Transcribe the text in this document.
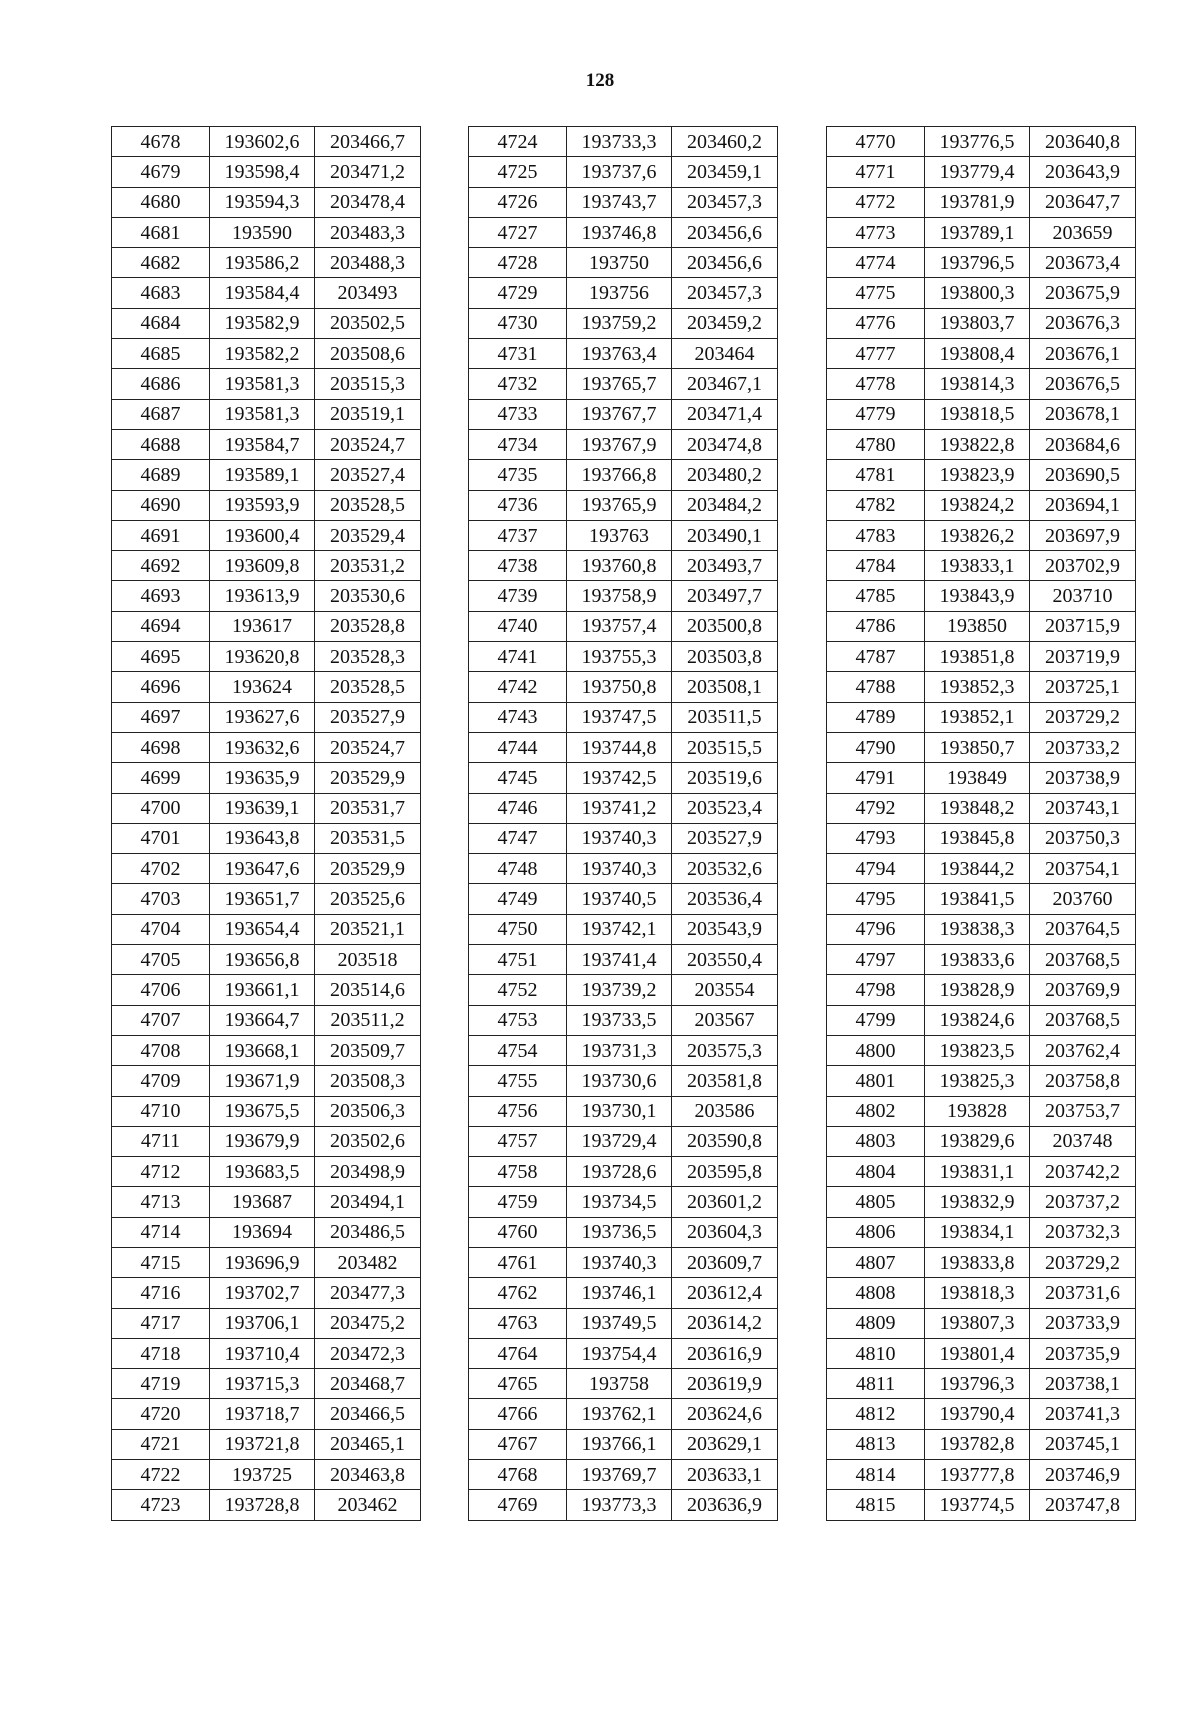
128
4678	193602,6	203466,7
4679	193598,4	203471,2
4680	193594,3	203478,4
4681	193590	203483,3
4682	193586,2	203488,3
4683	193584,4	203493
4684	193582,9	203502,5
4685	193582,2	203508,6
4686	193581,3	203515,3
4687	193581,3	203519,1
4688	193584,7	203524,7
4689	193589,1	203527,4
4690	193593,9	203528,5
4691	193600,4	203529,4
4692	193609,8	203531,2
4693	193613,9	203530,6
4694	193617	203528,8
4695	193620,8	203528,3
4696	193624	203528,5
4697	193627,6	203527,9
4698	193632,6	203524,7
4699	193635,9	203529,9
4700	193639,1	203531,7
4701	193643,8	203531,5
4702	193647,6	203529,9
4703	193651,7	203525,6
4704	193654,4	203521,1
4705	193656,8	203518
4706	193661,1	203514,6
4707	193664,7	203511,2
4708	193668,1	203509,7
4709	193671,9	203508,3
4710	193675,5	203506,3
4711	193679,9	203502,6
4712	193683,5	203498,9
4713	193687	203494,1
4714	193694	203486,5
4715	193696,9	203482
4716	193702,7	203477,3
4717	193706,1	203475,2
4718	193710,4	203472,3
4719	193715,3	203468,7
4720	193718,7	203466,5
4721	193721,8	203465,1
4722	193725	203463,8
4723	193728,8	203462
4724	193733,3	203460,2
4725	193737,6	203459,1
4726	193743,7	203457,3
4727	193746,8	203456,6
4728	193750	203456,6
4729	193756	203457,3
4730	193759,2	203459,2
4731	193763,4	203464
4732	193765,7	203467,1
4733	193767,7	203471,4
4734	193767,9	203474,8
4735	193766,8	203480,2
4736	193765,9	203484,2
4737	193763	203490,1
4738	193760,8	203493,7
4739	193758,9	203497,7
4740	193757,4	203500,8
4741	193755,3	203503,8
4742	193750,8	203508,1
4743	193747,5	203511,5
4744	193744,8	203515,5
4745	193742,5	203519,6
4746	193741,2	203523,4
4747	193740,3	203527,9
4748	193740,3	203532,6
4749	193740,5	203536,4
4750	193742,1	203543,9
4751	193741,4	203550,4
4752	193739,2	203554
4753	193733,5	203567
4754	193731,3	203575,3
4755	193730,6	203581,8
4756	193730,1	203586
4757	193729,4	203590,8
4758	193728,6	203595,8
4759	193734,5	203601,2
4760	193736,5	203604,3
4761	193740,3	203609,7
4762	193746,1	203612,4
4763	193749,5	203614,2
4764	193754,4	203616,9
4765	193758	203619,9
4766	193762,1	203624,6
4767	193766,1	203629,1
4768	193769,7	203633,1
4769	193773,3	203636,9
4770	193776,5	203640,8
4771	193779,4	203643,9
4772	193781,9	203647,7
4773	193789,1	203659
4774	193796,5	203673,4
4775	193800,3	203675,9
4776	193803,7	203676,3
4777	193808,4	203676,1
4778	193814,3	203676,5
4779	193818,5	203678,1
4780	193822,8	203684,6
4781	193823,9	203690,5
4782	193824,2	203694,1
4783	193826,2	203697,9
4784	193833,1	203702,9
4785	193843,9	203710
4786	193850	203715,9
4787	193851,8	203719,9
4788	193852,3	203725,1
4789	193852,1	203729,2
4790	193850,7	203733,2
4791	193849	203738,9
4792	193848,2	203743,1
4793	193845,8	203750,3
4794	193844,2	203754,1
4795	193841,5	203760
4796	193838,3	203764,5
4797	193833,6	203768,5
4798	193828,9	203769,9
4799	193824,6	203768,5
4800	193823,5	203762,4
4801	193825,3	203758,8
4802	193828	203753,7
4803	193829,6	203748
4804	193831,1	203742,2
4805	193832,9	203737,2
4806	193834,1	203732,3
4807	193833,8	203729,2
4808	193818,3	203731,6
4809	193807,3	203733,9
4810	193801,4	203735,9
4811	193796,3	203738,1
4812	193790,4	203741,3
4813	193782,8	203745,1
4814	193777,8	203746,9
4815	193774,5	203747,8
